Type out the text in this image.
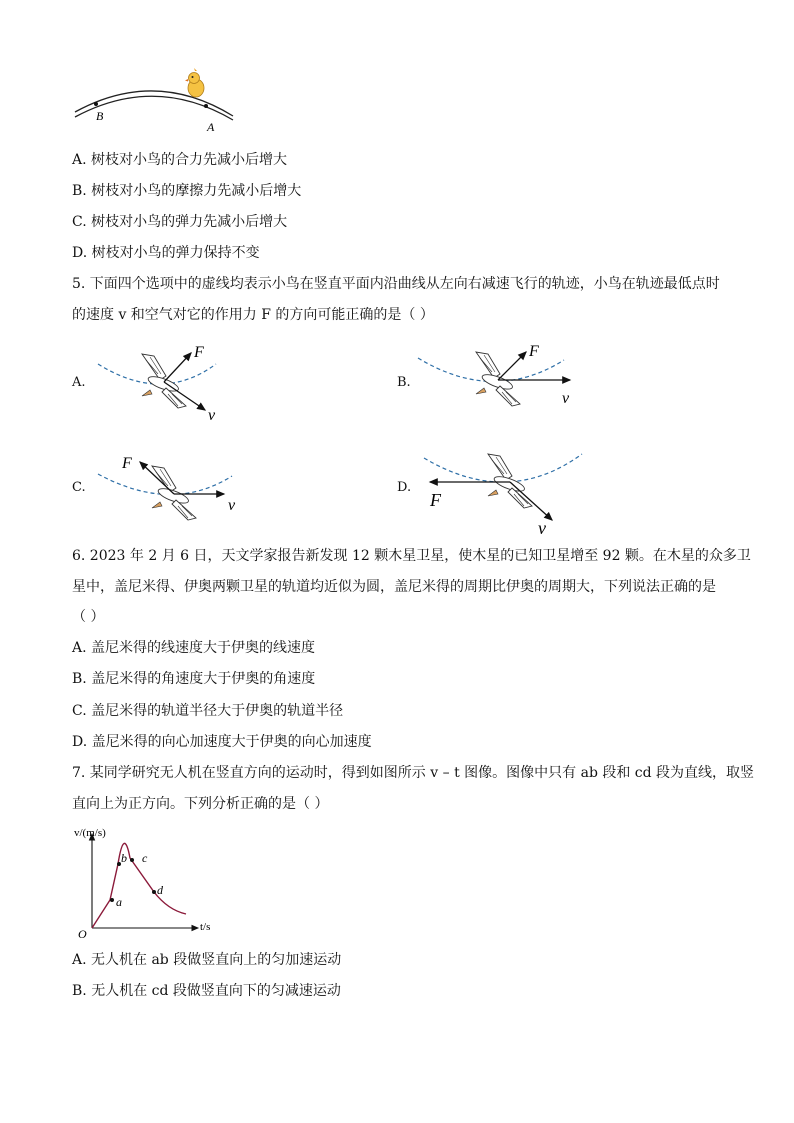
B
A
A. 树枝对小鸟的合力先减小后增大
B. 树枝对小鸟的摩擦力先减小后增大
C. 树枝对小鸟的弹力先减小后增大
D. 树枝对小鸟的弹力保持不变
5. 下面四个选项中的虚线均表示小鸟在竖直平面内沿曲线从左向右减速飞行的轨迹，小鸟在轨迹最低点时
的速度 v 和空气对它的作用力 F 的方向可能正确的是（ ）
A.
F
v
B.
F
v
C.
F
v
D.
F
v
6. 2023 年 2 月 6 日，天文学家报告新发现 12 颗木星卫星，使木星的已知卫星增至 92 颗。在木星的众多卫
星中，盖尼米得、伊奥两颗卫星的轨道均近似为圆，盖尼米得的周期比伊奥的周期大，下列说法正确的是
（ ）
A. 盖尼米得的线速度大于伊奥的线速度
B. 盖尼米得的角速度大于伊奥的角速度
C. 盖尼米得的轨道半径大于伊奥的轨道半径
D. 盖尼米得的向心加速度大于伊奥的向心加速度
7. 某同学研究无人机在竖直方向的运动时，得到如图所示 v – t 图像。图像中只有 ab 段和 cd 段为直线，取竖
直向上为正方向。下列分析正确的是（ ）
v/(m/s)
t/s
O
a
b c
d
A. 无人机在 ab 段做竖直向上的匀加速运动
B. 无人机在 cd 段做竖直向下的匀减速运动
